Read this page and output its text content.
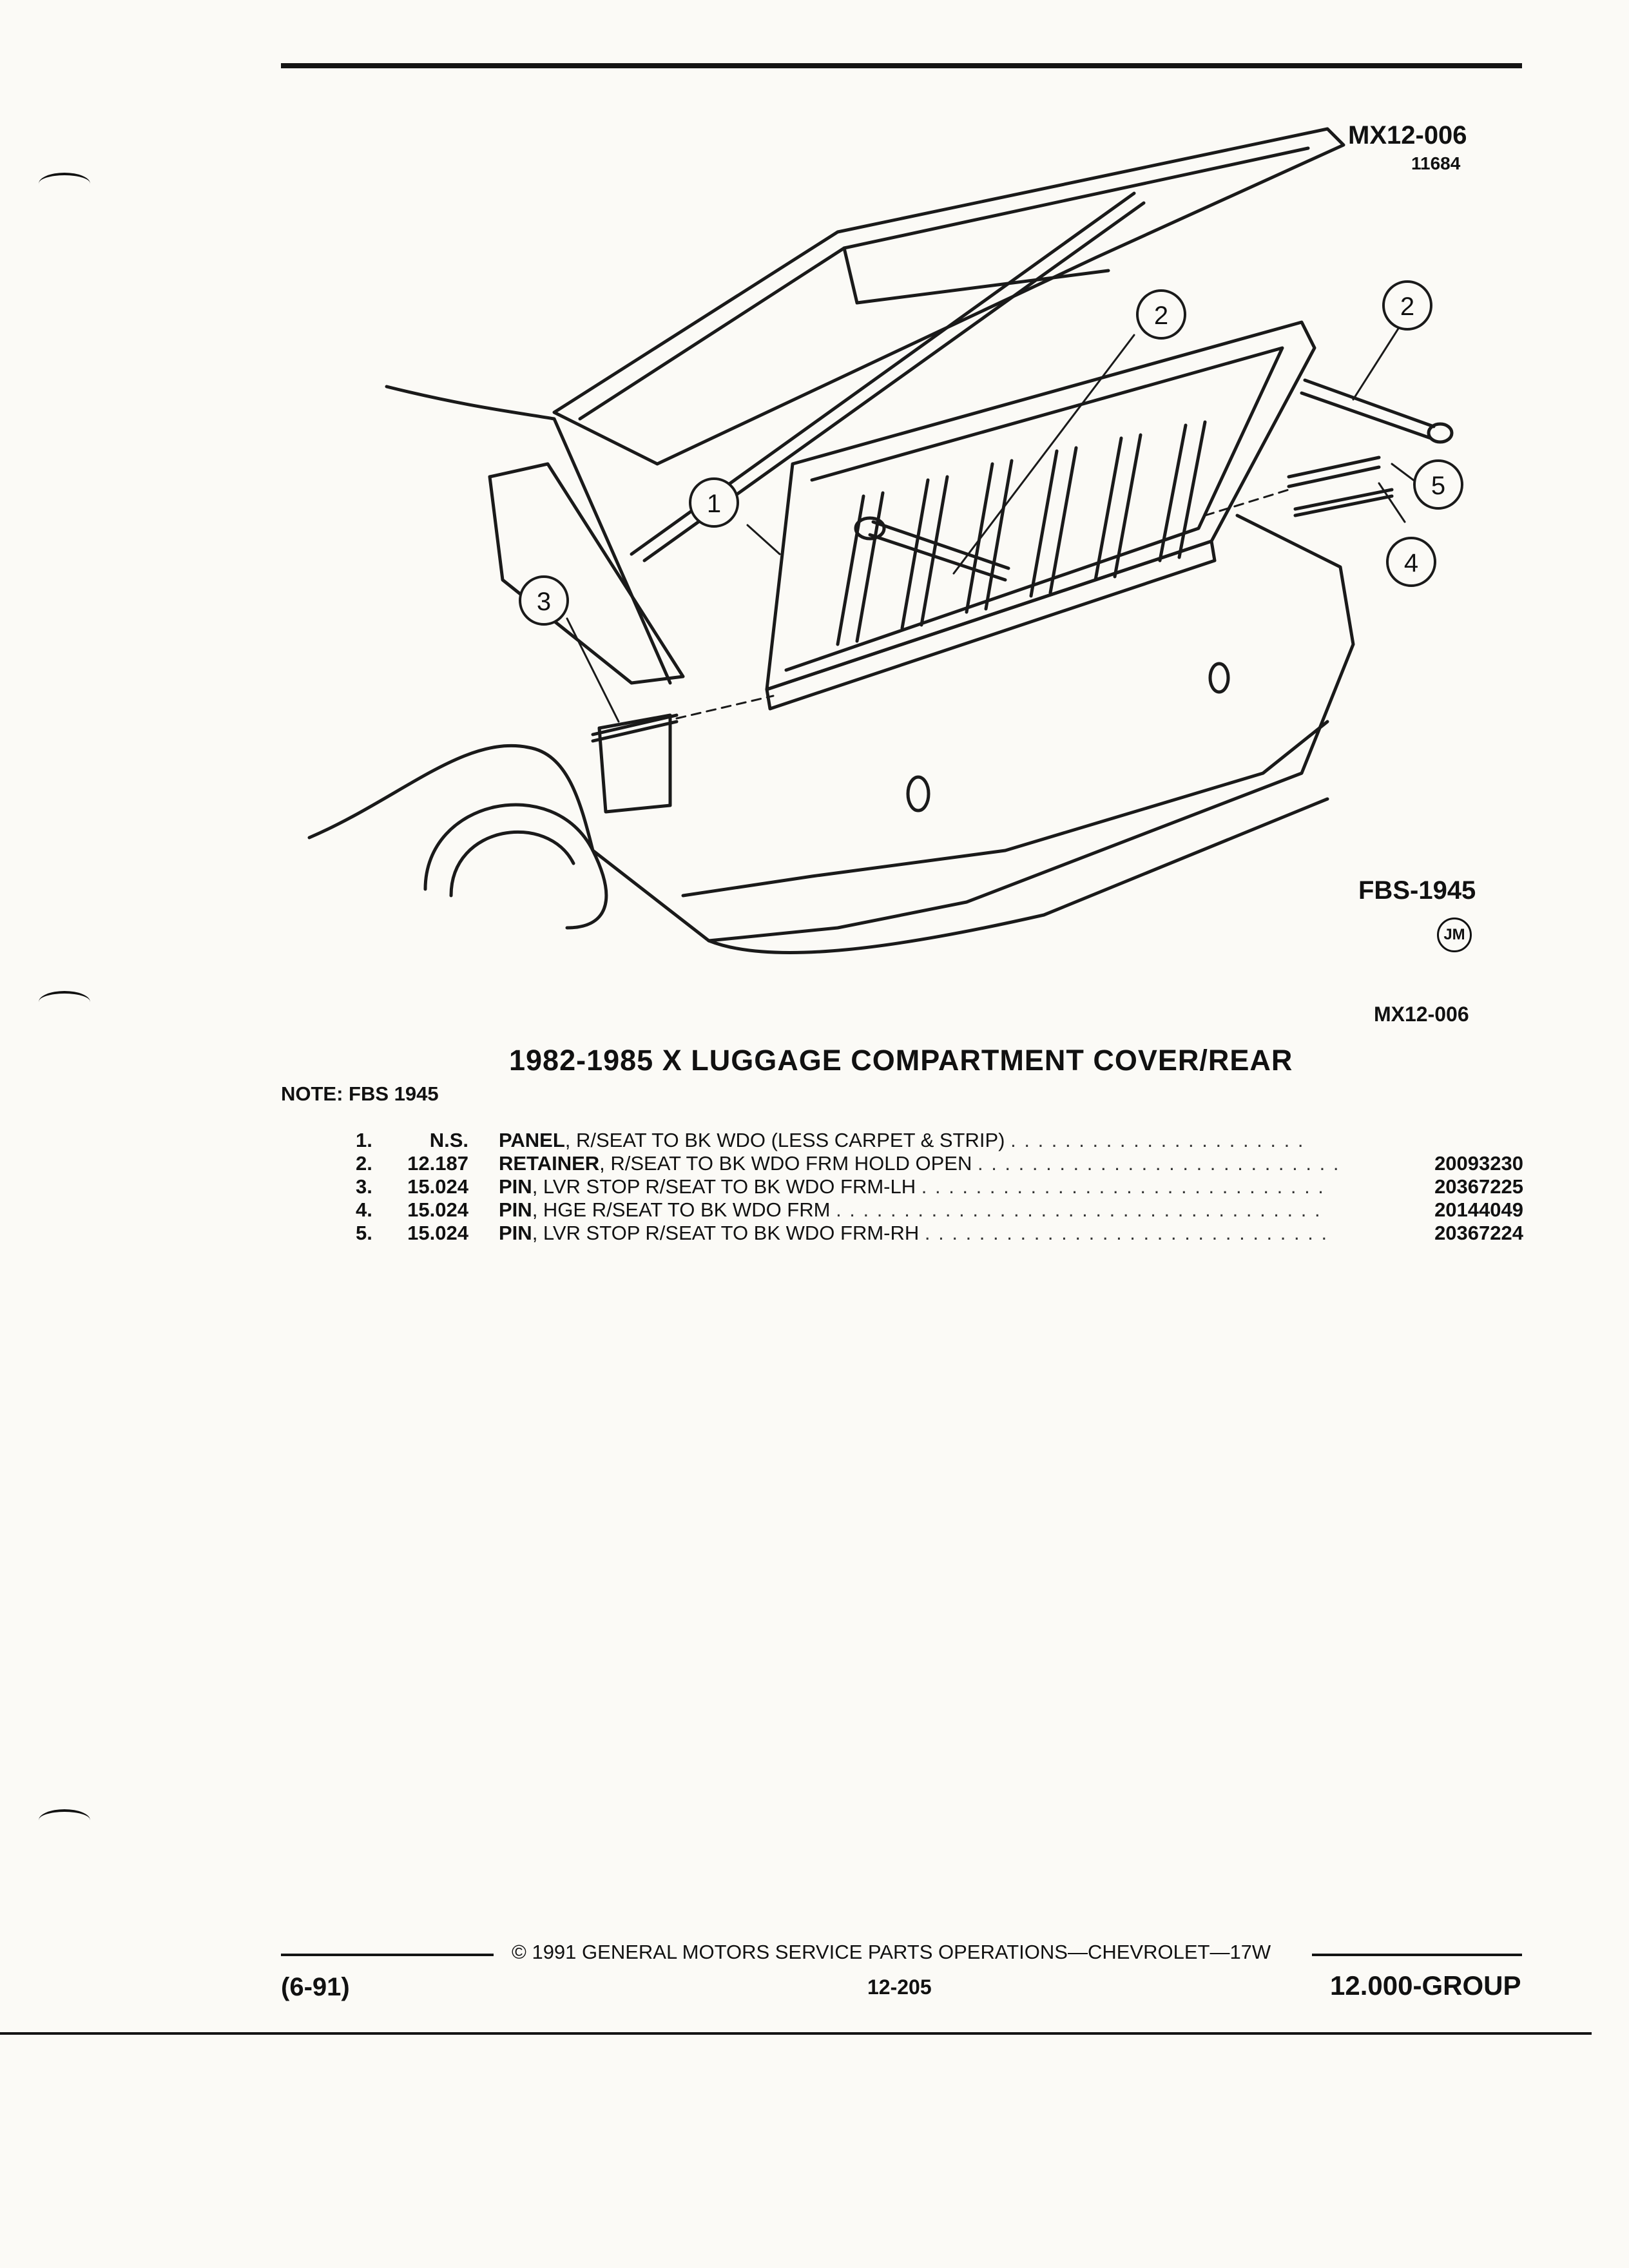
MX12-006
11684
1
2	2
3
4
5
FBS-1945
JM
MX12-006
1982-1985 X LUGGAGE COMPARTMENT COVER/REAR
NOTE: FBS 1945
1.	N.S. PANEL, R/SEAT TO BK WDO (LESS CARPET & STRIP) . . . . . . . . . . . . . . . . . . . . . .
2.	12.187 RETAINER, R/SEAT TO BK WDO FRM HOLD OPEN . . . . . . . . . . . . . . . . . . . . . . . . . . .	20093230
3.	15.024 PIN, LVR STOP R/SEAT TO BK WDO FRM-LH . . . . . . . . . . . . . . . . . . . . . . . . . . . . . .	20367225
4.	15.024 PIN, HGE R/SEAT TO BK WDO FRM . . . . . . . . . . . . . . . . . . . . . . . . . . . . . . . . . . . .	20144049
5.	15.024 PIN, LVR STOP R/SEAT TO BK WDO FRM-RH . . . . . . . . . . . . . . . . . . . . . . . . . . . . . .	20367224
© 1991 GENERAL MOTORS SERVICE PARTS OPERATIONS—CHEVROLET—17W
(6-91)	12-205	12.000-GROUP
